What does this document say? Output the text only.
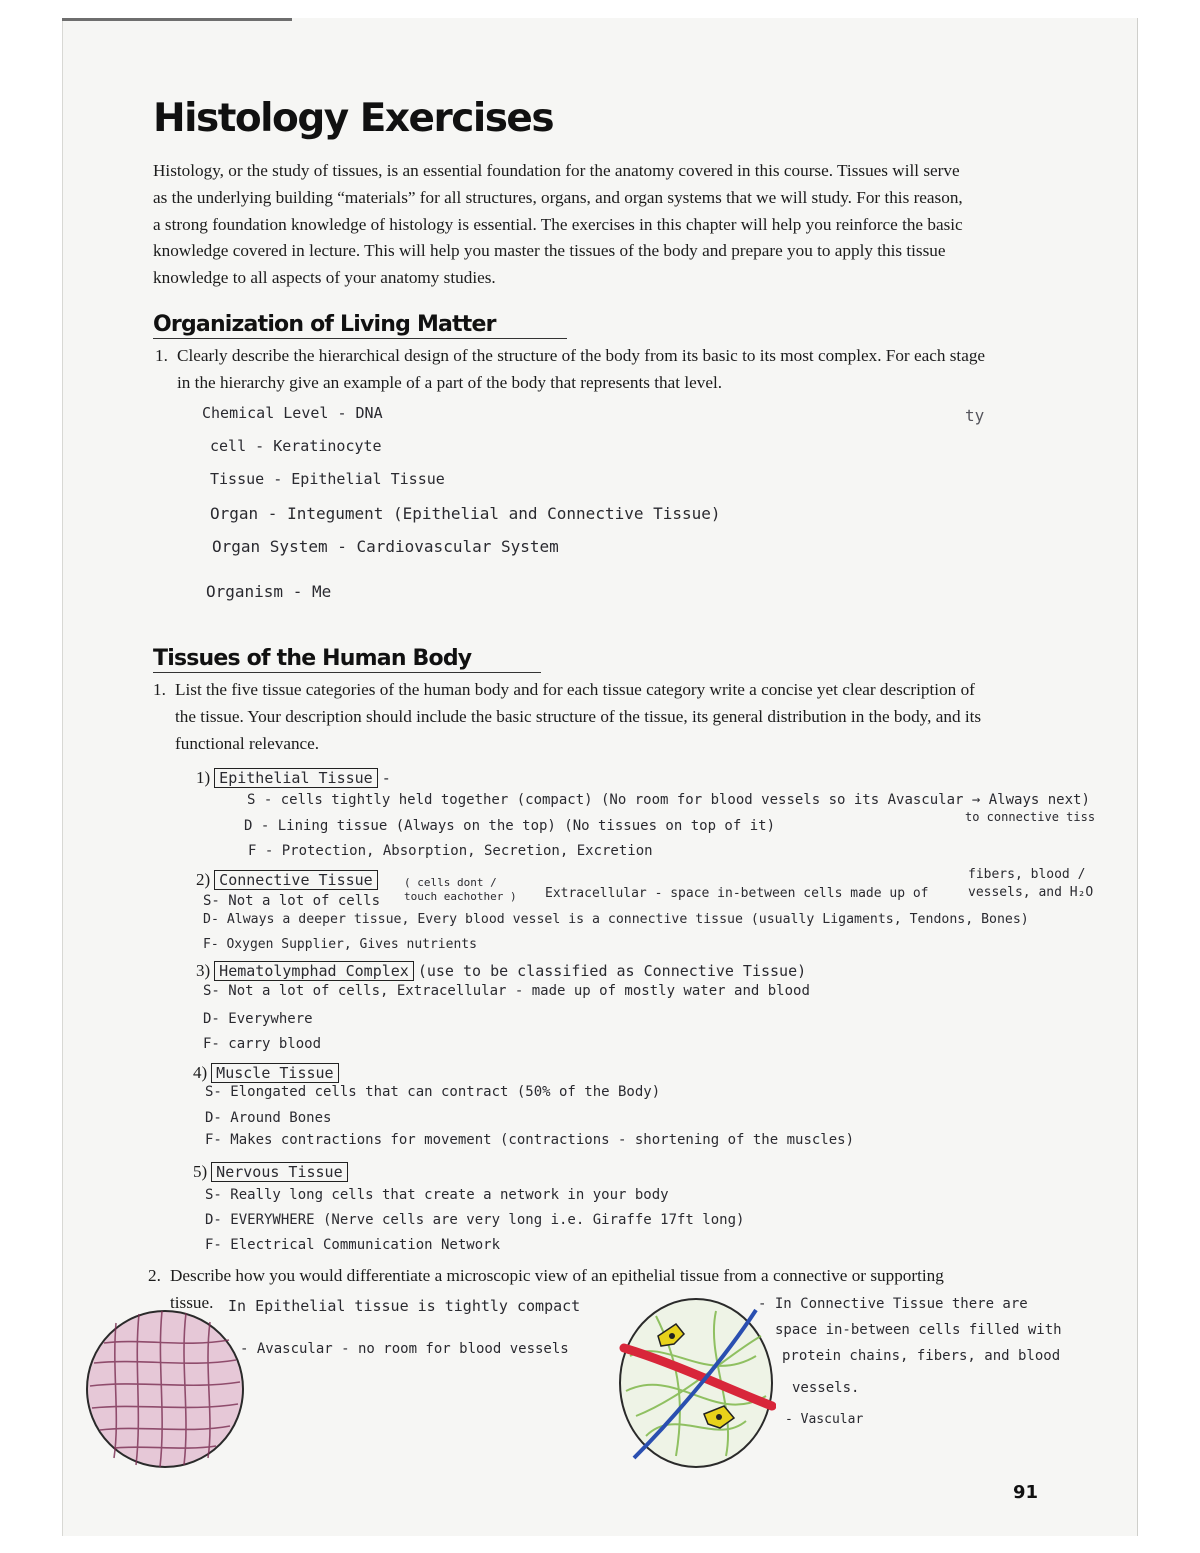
Histology Exercises
Histology, or the study of tissues, is an essential foundation for the anatomy covered in this course. Tissues will serve
as the underlying building “materials” for all structures, organs, and organ systems that we will study. For this reason,
a strong foundation knowledge of histology is essential. The exercises in this chapter will help you reinforce the basic
knowledge covered in lecture. This will help you master the tissues of the body and prepare you to apply this tissue
knowledge to all aspects of your anatomy studies.
Organization of Living Matter
1. Clearly describe the hierarchical design of the structure of the body from its basic to its most complex. For each stage
in the hierarchy give an example of a part of the body that represents that level.
Chemical Level - DNA
cell - Keratinocyte
Tissue - Epithelial Tissue
Organ - Integument (Epithelial and Connective Tissue)
Organ System - Cardiovascular System
Organism - Me
ty
Tissues of the Human Body
1. List the five tissue categories of the human body and for each tissue category write a concise yet clear description of
the tissue. Your description should include the basic structure of the tissue, its general distribution in the body, and its
functional relevance.
1) Epithelial Tissue -
S - cells tightly held together (compact) (No room for blood vessels so its Avascular → Always next)
to connective tiss
D - Lining tissue (Always on the top) (No tissues on top of it)
F - Protection, Absorption, Secretion, Excretion
2) Connective Tissue
S- Not a lot of cells
( cells dont / touch eachother )	Extracellular - space in-between cells made up of
fibers, blood / vessels, and H₂O
D- Always a deeper tissue, Every blood vessel is a connective tissue (usually Ligaments, Tendons, Bones)
F- Oxygen Supplier, Gives nutrients
3) Hematolymphad Complex (use to be classified as Connective Tissue)
S- Not a lot of cells, Extracellular - made up of mostly water and blood
D- Everywhere
F- carry blood
4) Muscle Tissue
S- Elongated cells that can contract (50% of the Body)
D- Around Bones
F- Makes contractions for movement (contractions - shortening of the muscles)
5) Nervous Tissue
S- Really long cells that create a network in your body
D- EVERYWHERE (Nerve cells are very long i.e. Giraffe 17ft long)
F- Electrical Communication Network
2. Describe how you would differentiate a microscopic view of an epithelial tissue from a connective or supporting
tissue. In Epithelial tissue is tightly compact
- Avascular - no room for blood vessels
- In Connective Tissue there are
space in-between cells filled with
protein chains, fibers, and blood
vessels.
- Vascular
91
